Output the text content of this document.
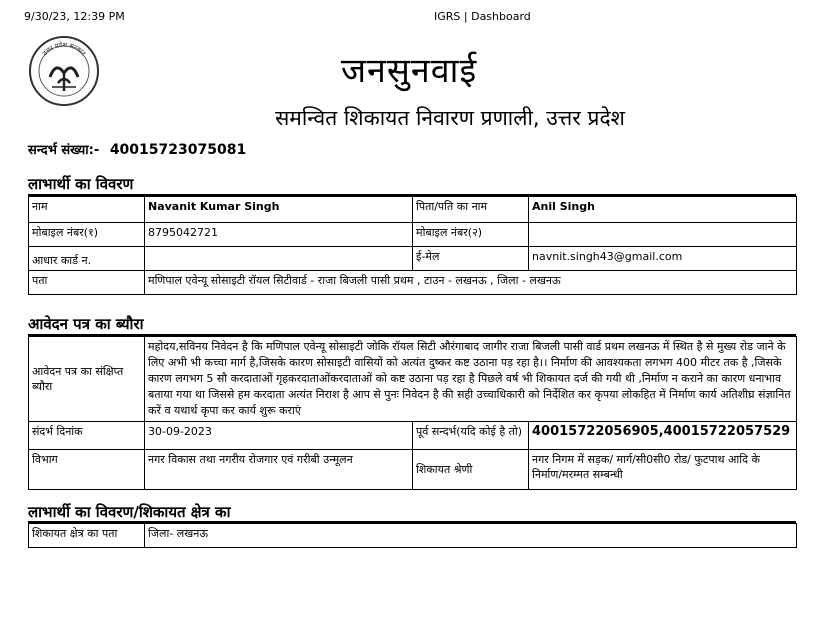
9/30/23, 12:39 PM	IGRS | Dashboard
उत्तर प्रदेश सरकार	जनसुनवाई
समन्वित शिकायत निवारण प्रणाली, उत्तर प्रदेश
सन्दर्भ संख्या:- 40015723075081
लाभार्थी का विवरण
नाम	Navanit Kumar Singh	पिता/पति का नाम	Anil Singh
मोबाइल नंबर(१)	8795042721	मोबाइल नंबर(२)	
आधार कार्ड न.		ई-मेल	navnit.singh43@gmail.com
पता	मणिपाल एवेन्यू सोसाइटी रॉयल सिटीवार्ड - राजा बिजली पासी प्रथम , टाउन - लखनऊ , जिला - लखनऊ		
आवेदन पत्र का ब्यौरा
आवेदन पत्र का संक्षिप्त ब्यौरा	महोदय,सविनय निवेदन है कि मणिपाल एवेन्यू सोसाइटी जोकि रॉयल सिटी औरंगाबाद जागीर राजा बिजली पासी वार्ड प्रथम लखनऊ में स्थित है से मुख्य रोड जाने के लिए अभी भी कच्चा मार्ग है,जिसके कारण सोसाइटी वासियों को अत्यंत दुष्कर कष्ट उठाना पड़ रहा है।। निर्माण की आवश्यकता लगभग 400 मीटर तक है ,जिसके कारण लगभग 5 सौ करदाताओं गृहकरदाताओंकरदाताओं को कष्ट उठाना पड़ रहा है पिछले वर्ष भी शिकायत दर्ज की गयी थी ,निर्माण न कराने का कारण धनाभाव बताया गया था जिससे हम करदाता अत्यंत निराश है आप से पुनः निवेदन है की सही उच्चाधिकारी को निर्देशित कर कृपया लोकहित में निर्माण कार्य अतिशीघ्र संज्ञानित करें व यथार्थ कृपा कर कार्य शुरू कराएं		
संदर्भ दिनांक	30-09-2023	पूर्व सन्दर्भ(यदि कोई है तो)	40015722056905,40015722057529
विभाग	नगर विकास तथा नगरीय रोजगार एवं गरीबी उन्मूलन	शिकायत श्रेणी	नगर निगम में सड़क/ मार्ग/सी0सी0 रोड/ फुटपाथ आदि के निर्माण/मरम्मत सम्बन्धी
लाभार्थी का विवरण/शिकायत क्षेत्र का
शिकायत क्षेत्र का पता	जिला- लखनऊ
